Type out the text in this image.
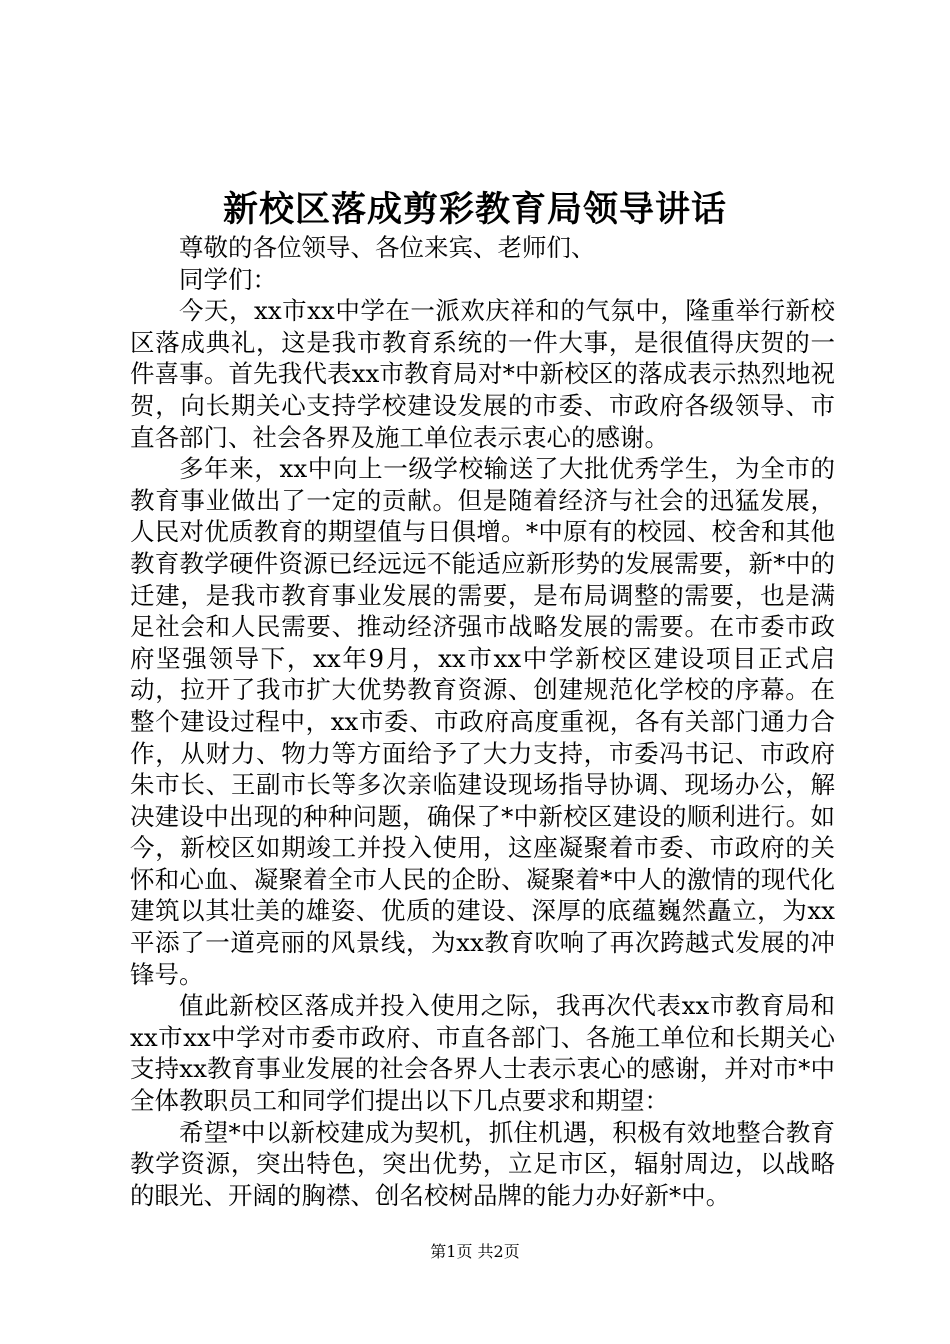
新校区落成剪彩教育局领导讲话

尊敬的各位领导、各位来宾、老师们、

同学们：

今天，xx市xx中学在一派欢庆祥和的气氛中，隆重举行新校区落成典礼，这是我市教育系统的一件大事，是很值得庆贺的一件喜事。首先我代表xx市教育局对*中新校区的落成表示热烈地祝贺，向长期关心支持学校建设发展的市委、市政府各级领导、市直各部门、社会各界及施工单位表示衷心的感谢。

多年来，xx中向上一级学校输送了大批优秀学生，为全市的教育事业做出了一定的贡献。但是随着经济与社会的迅猛发展，人民对优质教育的期望值与日俱增。*中原有的校园、校舍和其他教育教学硬件资源已经远远不能适应新形势的发展需要，新*中的迁建，是我市教育事业发展的需要，是布局调整的需要，也是满足社会和人民需要、推动经济强市战略发展的需要。在市委市政府坚强领导下，xx年9月，xx市xx中学新校区建设项目正式启动，拉开了我市扩大优势教育资源、创建规范化学校的序幕。在整个建设过程中，xx市委、市政府高度重视，各有关部门通力合作，从财力、物力等方面给予了大力支持，市委冯书记、市政府朱市长、王副市长等多次亲临建设现场指导协调、现场办公，解决建设中出现的种种问题，确保了*中新校区建设的顺利进行。如今，新校区如期竣工并投入使用，这座凝聚着市委、市政府的关怀和心血、凝聚着全市人民的企盼、凝聚着*中人的激情的现代化建筑以其壮美的雄姿、优质的建设、深厚的底蕴巍然矗立，为xx平添了一道亮丽的风景线，为xx教育吹响了再次跨越式发展的冲锋号。

值此新校区落成并投入使用之际，我再次代表xx市教育局和xx市xx中学对市委市政府、市直各部门、各施工单位和长期关心支持xx教育事业发展的社会各界人士表示衷心的感谢，并对市*中全体教职员工和同学们提出以下几点要求和期望：

希望*中以新校建成为契机，抓住机遇，积极有效地整合教育教学资源，突出特色，突出优势，立足市区，辐射周边，以战略的眼光、开阔的胸襟、创名校树品牌的能力办好新*中。

第1页 共2页
